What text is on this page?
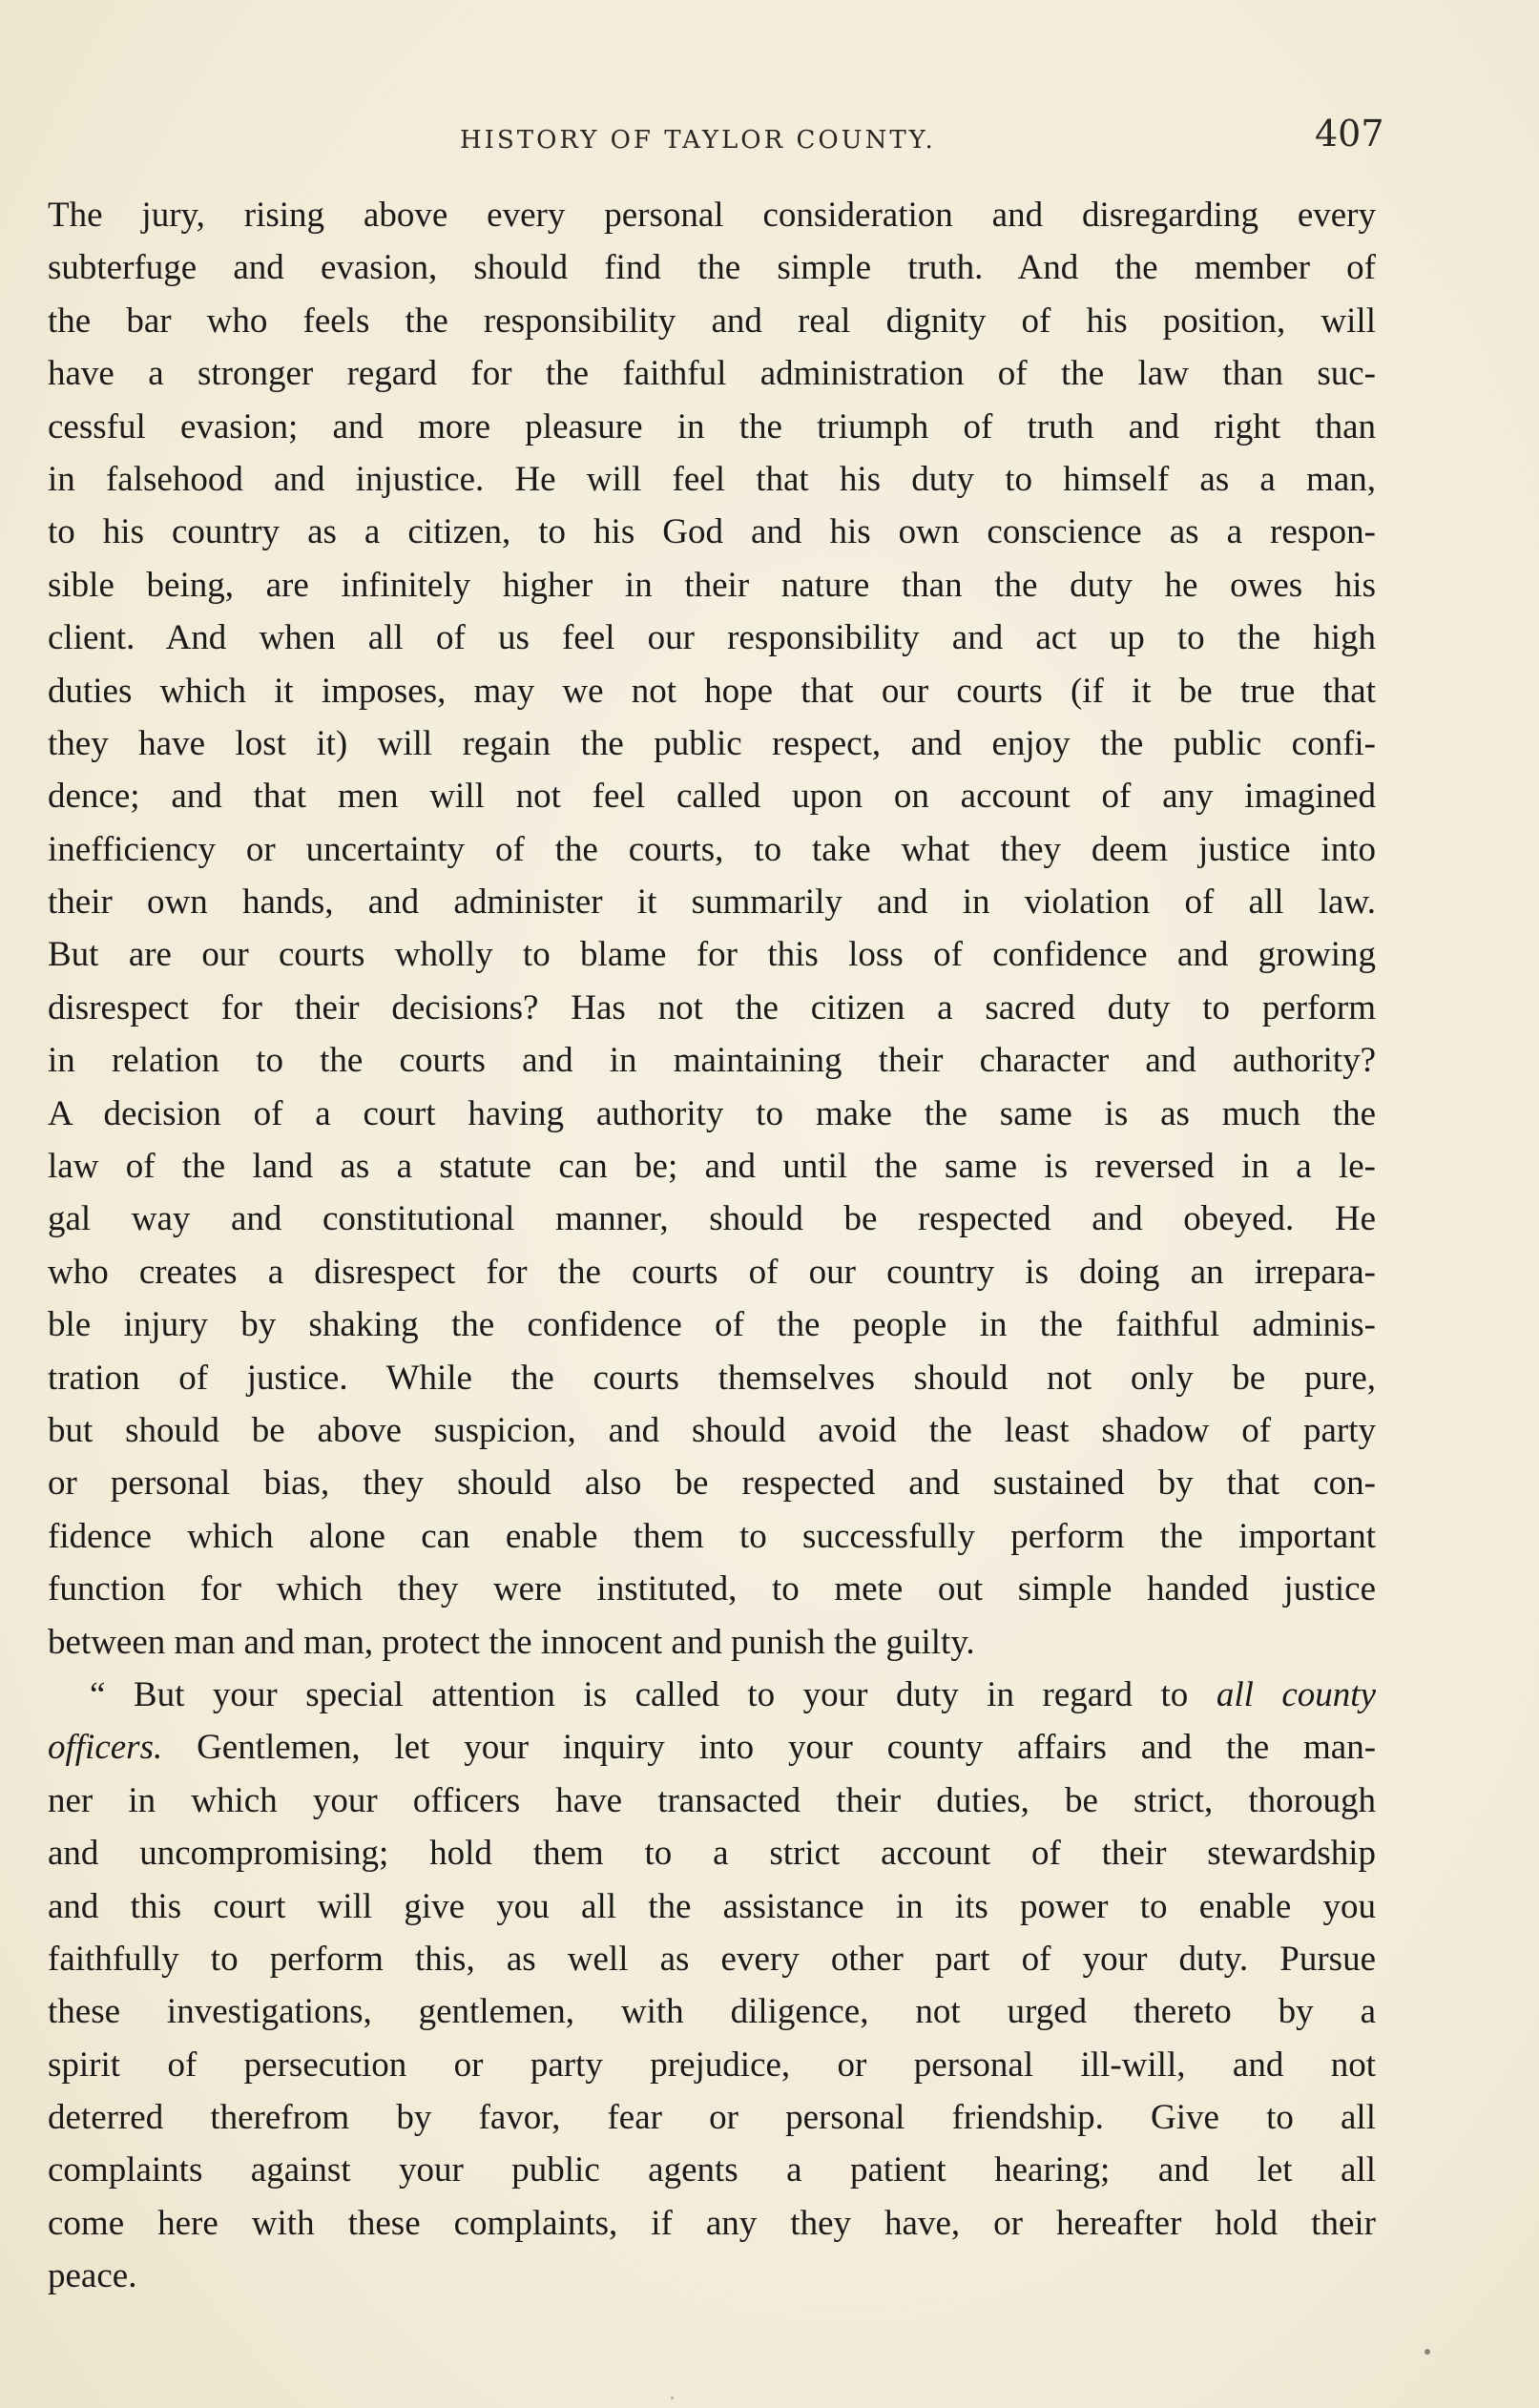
HISTORY OF TAYLOR COUNTY.	407
The jury, rising above every personal consideration and disregarding every
subterfuge and evasion, should find the simple truth. And the member of
the bar who feels the responsibility and real dignity of his position, will
have a stronger regard for the faithful administration of the law than suc-
cessful evasion; and more pleasure in the triumph of truth and right than
in falsehood and injustice. He will feel that his duty to himself as a man,
to his country as a citizen, to his God and his own conscience as a respon-
sible being, are infinitely higher in their nature than the duty he owes his
client. And when all of us feel our responsibility and act up to the high
duties which it imposes, may we not hope that our courts (if it be true that
they have lost it) will regain the public respect, and enjoy the public confi-
dence; and that men will not feel called upon on account of any imagined
inefficiency or uncertainty of the courts, to take what they deem justice into
their own hands, and administer it summarily and in violation of all law.
But are our courts wholly to blame for this loss of confidence and growing
disrespect for their decisions? Has not the citizen a sacred duty to perform
in relation to the courts and in maintaining their character and authority?
A decision of a court having authority to make the same is as much the
law of the land as a statute can be; and until the same is reversed in a le-
gal way and constitutional manner, should be respected and obeyed. He
who creates a disrespect for the courts of our country is doing an irrepara-
ble injury by shaking the confidence of the people in the faithful adminis-
tration of justice. While the courts themselves should not only be pure,
but should be above suspicion, and should avoid the least shadow of party
or personal bias, they should also be respected and sustained by that con-
fidence which alone can enable them to successfully perform the important
function for which they were instituted, to mete out simple handed justice
between man and man, protect the innocent and punish the guilty.
“ But your special attention is called to your duty in regard to all county
officers. Gentlemen, let your inquiry into your county affairs and the man-
ner in which your officers have transacted their duties, be strict, thorough
and uncompromising; hold them to a strict account of their stewardship
and this court will give you all the assistance in its power to enable you
faithfully to perform this, as well as every other part of your duty. Pursue
these investigations, gentlemen, with diligence, not urged thereto by a
spirit of persecution or party prejudice, or personal ill-will, and not
deterred therefrom by favor, fear or personal friendship. Give to all
complaints against your public agents a patient hearing; and let all
come here with these complaints, if any they have, or hereafter hold their
peace.
